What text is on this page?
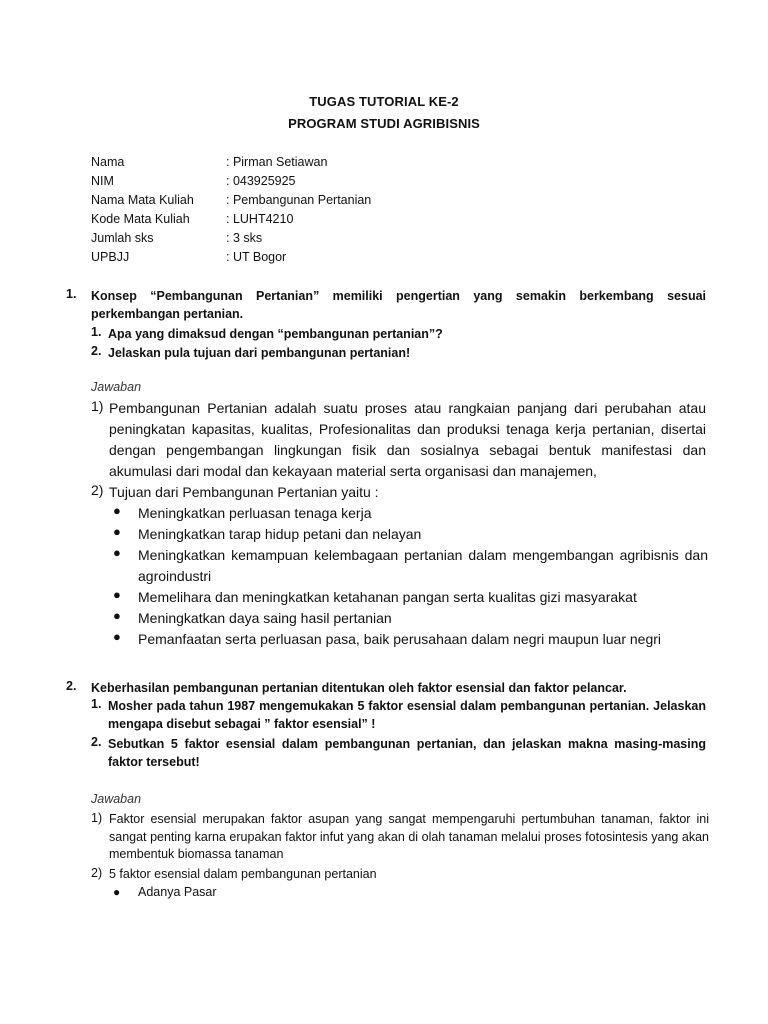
TUGAS TUTORIAL KE-2
PROGRAM STUDI AGRIBISNIS
Nama	: Pirman Setiawan
NIM	: 043925925
Nama Mata Kuliah	: Pembangunan Pertanian
Kode Mata Kuliah	: LUHT4210
Jumlah sks	: 3 sks
UPBJJ	: UT Bogor
1. Konsep “Pembangunan Pertanian” memiliki pengertian yang semakin berkembang sesuai perkembangan pertanian.
1. Apa yang dimaksud dengan “pembangunan pertanian”?
2. Jelaskan pula tujuan dari pembangunan pertanian!
Jawaban
1) Pembangunan Pertanian adalah suatu proses atau rangkaian panjang dari perubahan atau peningkatan kapasitas, kualitas, Profesionalitas dan produksi tenaga kerja pertanian, disertai dengan pengembangan lingkungan fisik dan sosialnya sebagai bentuk manifestasi dan akumulasi dari modal dan kekayaan material serta organisasi dan manajemen,
2) Tujuan dari Pembangunan Pertanian yaitu :
● Meningkatkan perluasan tenaga kerja
● Meningkatkan tarap hidup petani dan nelayan
● Meningkatkan kemampuan kelembagaan pertanian dalam mengembangan agribisnis dan agroindustri
● Memelihara dan meningkatkan ketahanan pangan serta kualitas gizi masyarakat
● Meningkatkan daya saing hasil pertanian
● Pemanfaatan serta perluasan pasa, baik perusahaan dalam negri maupun luar negri
2. Keberhasilan pembangunan pertanian ditentukan oleh faktor esensial dan faktor pelancar.
1. Mosher pada tahun 1987 mengemukakan 5 faktor esensial dalam pembangunan pertanian. Jelaskan mengapa disebut sebagai ” faktor esensial” !
2. Sebutkan 5 faktor esensial dalam pembangunan pertanian, dan jelaskan makna masing-masing faktor tersebut!
Jawaban
1) Faktor esensial merupakan faktor asupan yang sangat mempengaruhi pertumbuhan tanaman, faktor ini sangat penting karna erupakan faktor infut yang akan di olah tanaman melalui proses fotosintesis yang akan membentuk biomassa tanaman
2) 5 faktor esensial dalam pembangunan pertanian
● Adanya Pasar
